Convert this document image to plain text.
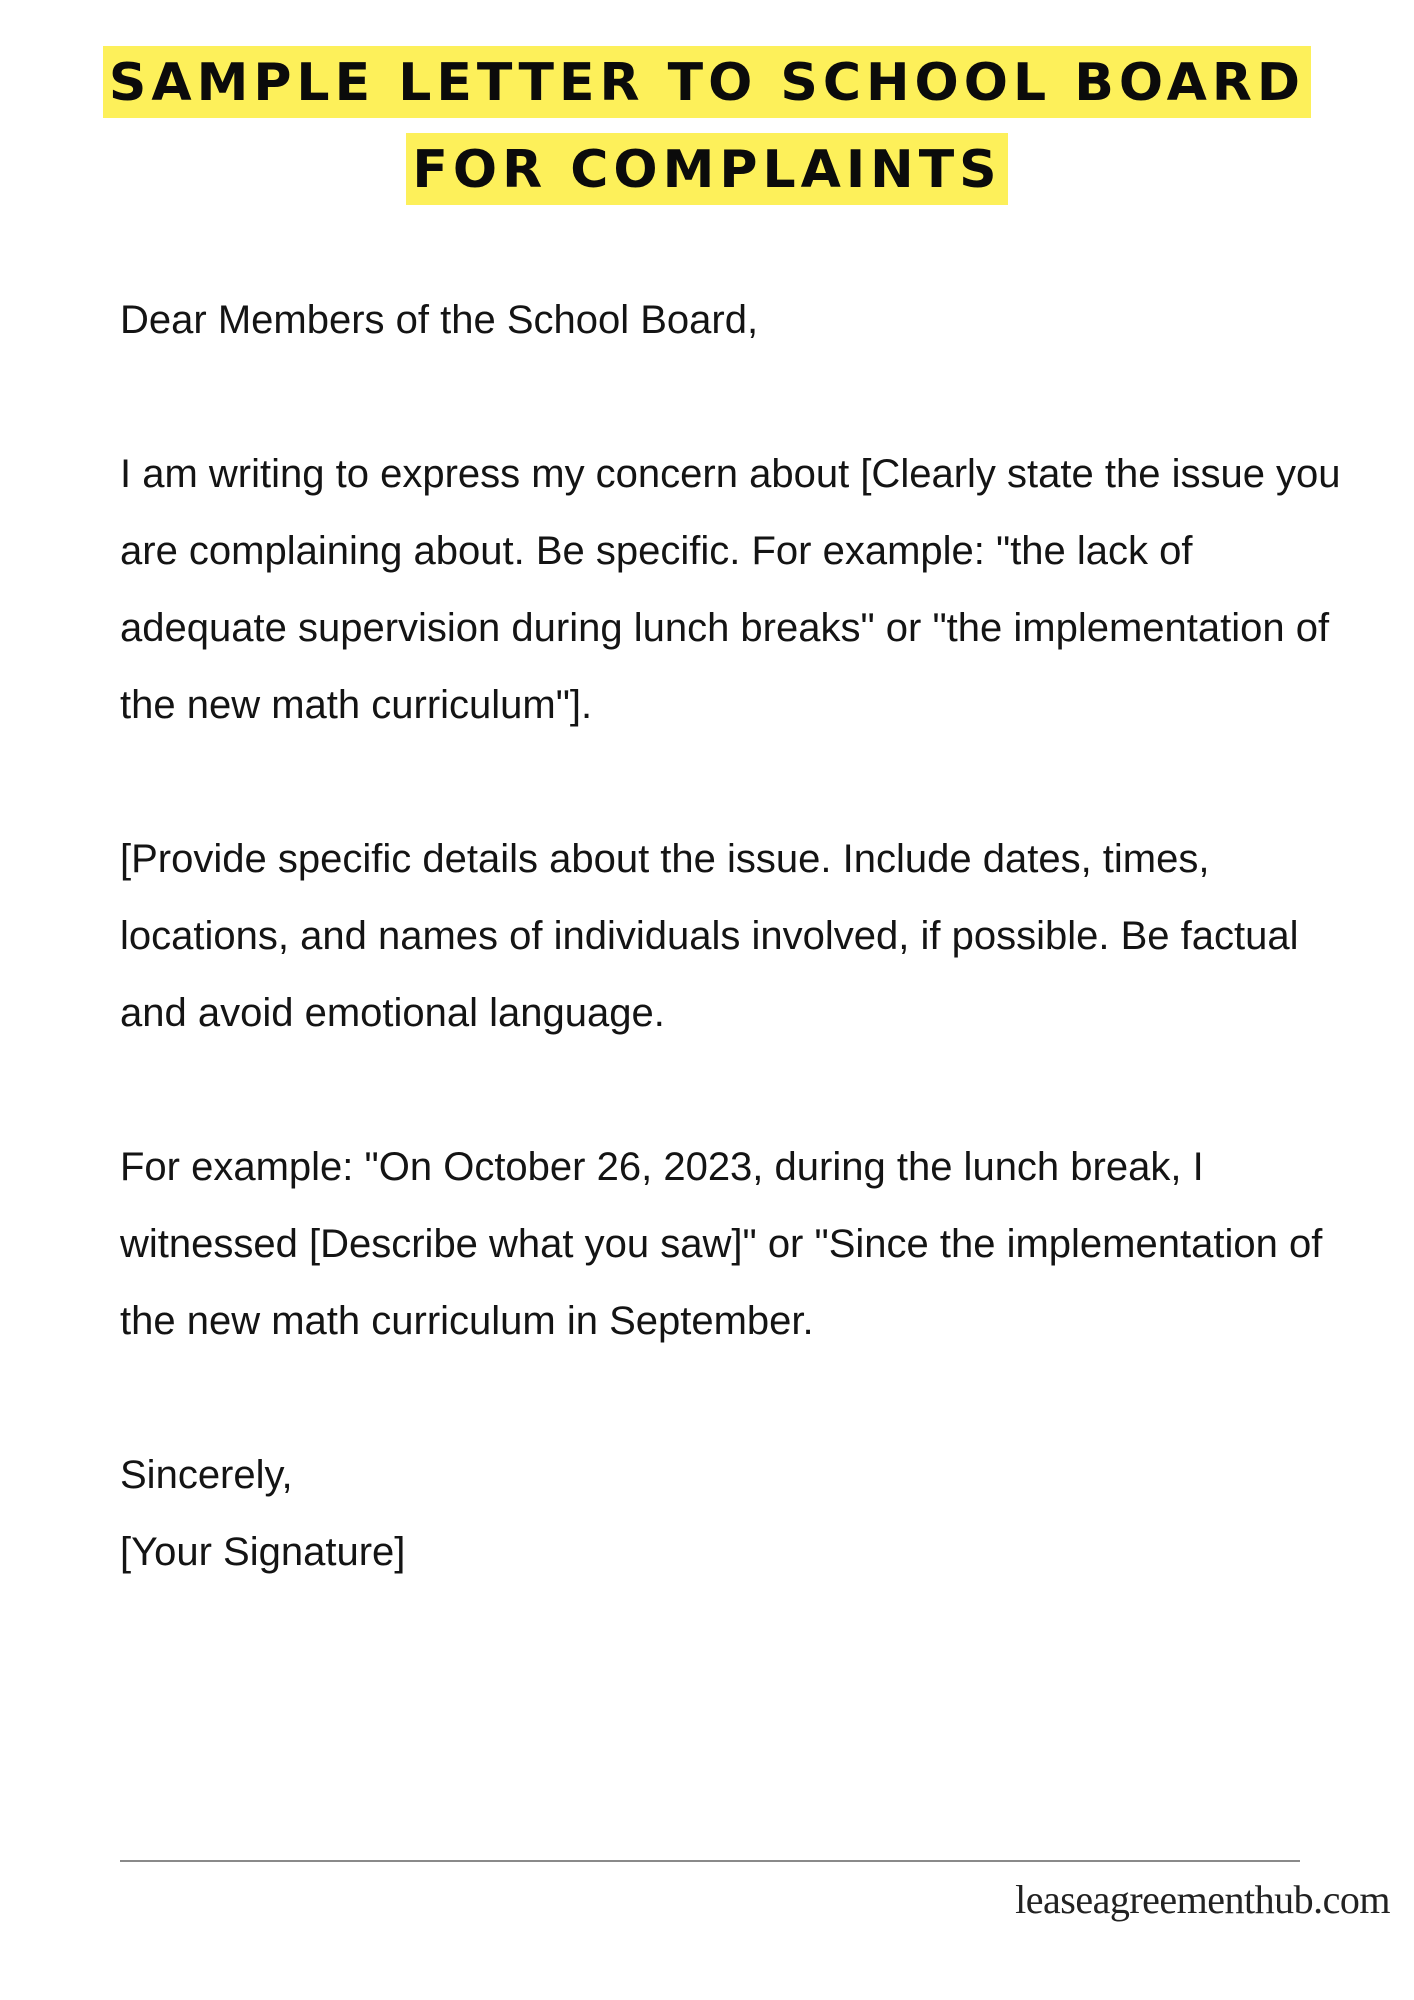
SAMPLE LETTER TO SCHOOL BOARD
FOR COMPLAINTS

Dear Members of the School Board,

I am writing to express my concern about [Clearly state the issue you are complaining about. Be specific. For example: "the lack of adequate supervision during lunch breaks" or "the implementation of the new math curriculum"].

[Provide specific details about the issue. Include dates, times, locations, and names of individuals involved, if possible. Be factual and avoid emotional language.

For example: "On October 26, 2023, during the lunch break, I witnessed [Describe what you saw]" or "Since the implementation of the new math curriculum in September.

Sincerely,

[Your Signature]

leaseagreementhub.com
